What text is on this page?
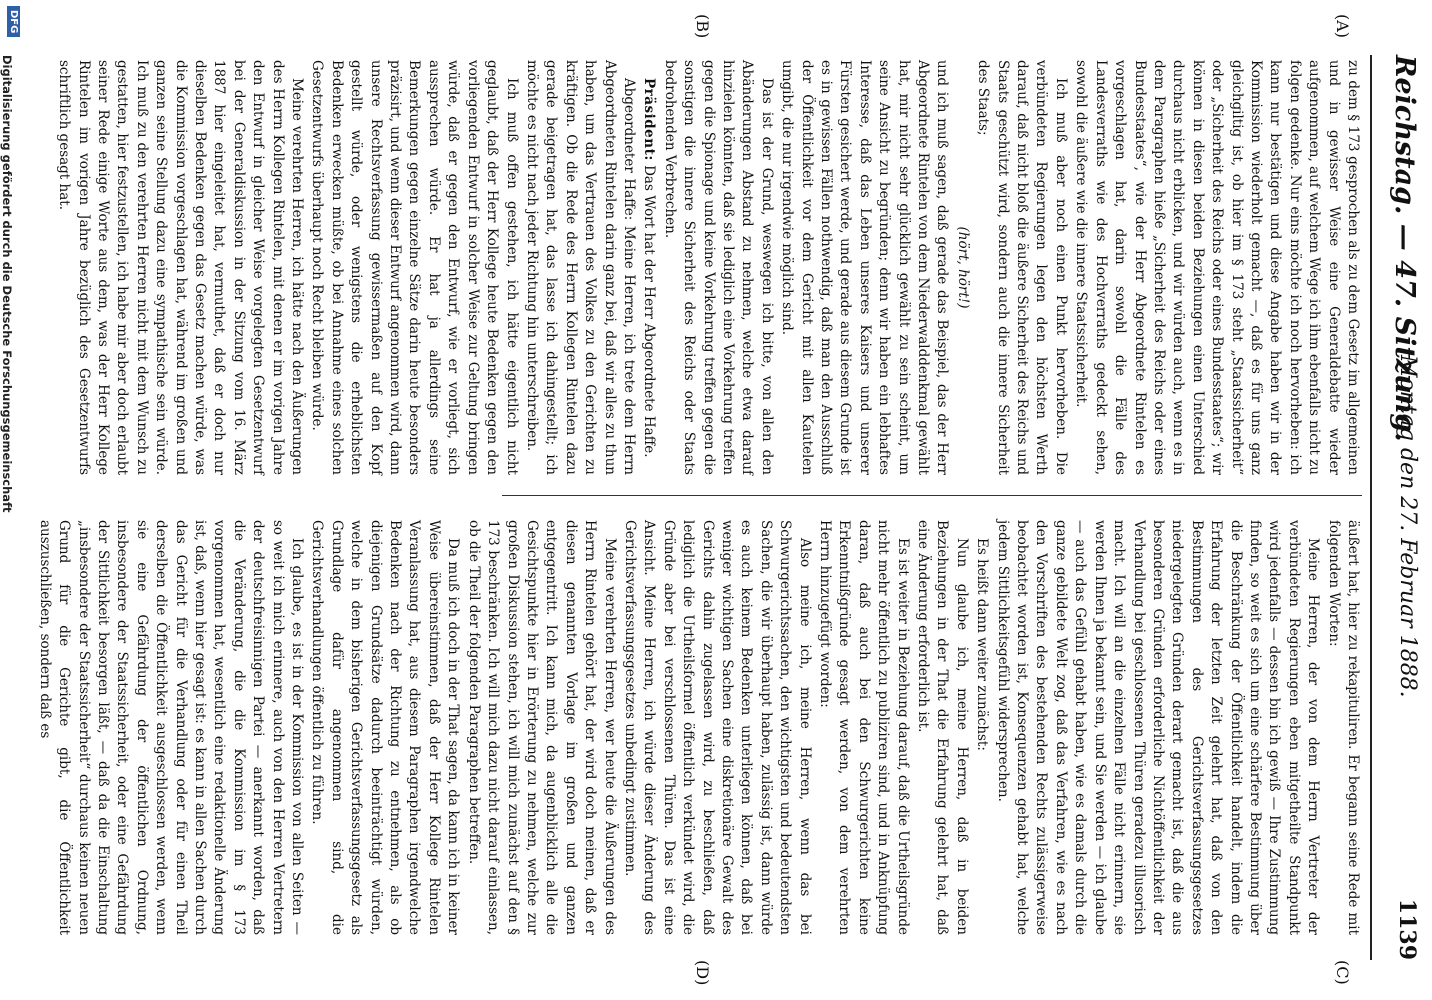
Reichstag. — 47. Sitzung.
Montag den 27. Februar 1888.
1139
(A)
(B)
(C)
(D)

zu dem § 173 gesprochen als zu dem Gesetz im allgemeinen und in gewisser Weise eine Generaldebatte wieder aufgenommen, auf welchem Wege ich ihm ebenfalls nicht zu folgen gedenke. Nur eins möchte ich noch hervorheben: ich kann nur bestätigen und diese Angabe haben wir in der Kommission wiederholt gemacht —, daß es für uns ganz gleichgiltig ist, ob hier im § 173 steht „Staatssicherheit“ oder „Sicherheit des Reichs oder eines Bundesstaates“; wir können in diesen beiden Beziehungen einen Unterschied durchaus nicht erblicken, und wir würden auch, wenn es in dem Paragraphen hieße „Sicherheit des Reichs oder eines Bundesstaates“, wie der Herr Abgeordnete Rintelen es vorgeschlagen hat, darin sowohl die Fälle des Landesverraths wie des Hochverraths gedeckt sehen, sowohl die äußere wie die innere Staatssicherheit.

Ich muß aber noch einen Punkt hervorheben. Die verbündeten Regierungen legen den höchsten Werth darauf, daß nicht bloß die äußere Sicherheit des Reichs und Staats geschützt wird, sondern auch die innere Sicherheit des Staats;

(hört, hört!)

und ich muß sagen, daß gerade das Beispiel, das der Herr Abgeordnete Rintelen von dem Niederwalddenkmal gewählt hat, mir nicht sehr glücklich gewählt zu sein scheint, um seine Ansicht zu begründen; denn wir haben ein lebhaftes Interesse, daß das Leben unseres Kaisers und unserer Fürsten gesichert werde, und gerade aus diesem Grunde ist es in gewissen Fällen nothwendig, daß man den Ausschluß der Öffentlichkeit vor dem Gericht mit allen Kautelen umgibt, die nur irgendwie möglich sind.

Das ist der Grund, weswegen ich bitte, von allen den Abänderungen Abstand zu nehmen, welche etwa darauf hinzielen könnten, daß sie lediglich eine Vorkehrung treffen gegen die Spionage und keine Vorkehrung treffen gegen die sonstigen die innere Sicherheit des Reichs oder Staats bedrohenden Verbrechen.

Präsident: Das Wort hat der Herr Abgeordnete Haffe.

Abgeordneter Haffe: Meine Herren, ich trete dem Herrn Abgeordneten Rintelen darin ganz bei, daß wir alles zu thun haben, um das Vertrauen des Volkes zu den Gerichten zu kräftigen. Ob die Rede des Herrn Kollegen Rintelen dazu gerade beigetragen hat, das lasse ich dahingestellt; ich möchte es nicht nach jeder Richtung hin unterschreiben.

Ich muß offen gestehen, ich hätte eigentlich nicht geglaubt, daß der Herr Kollege heute Bedenken gegen den vorliegenden Entwurf in solcher Weise zur Geltung bringen würde, daß er gegen den Entwurf, wie er vorliegt, sich aussprechen würde. Er hat ja allerdings seine Bemerkungen gegen einzelne Sätze darin heute besonders präzisirt, und wenn dieser Entwurf angenommen wird, dann unsere Rechtsverfassung gewissermaßen auf den Kopf gestellt würde, oder wenigstens die erheblichsten Bedenken erwecken müßte, ob bei Annahme eines solchen Gesetzentwurfs überhaupt noch Recht bleiben würde.

Meine verehrten Herren, ich hätte nach den Äußerungen des Herrn Kollegen Rintelen, mit denen er im vorigen Jahre den Entwurf in gleicher Weise vorgelegten Gesetzentwurf bei der Generaldiskussion in der Sitzung vom 16. März 1887 hier eingeleitet hat, vermuthet, daß er doch nur dieselben Bedenken gegen das Gesetz machen würde, was die Kommission vorgeschlagen hat, während im großen und ganzen seine Stellung dazu eine sympathische sein würde. Ich muß zu den verehrten Herren nicht mit dem Wunsch zu gestatten, hier festzustellen, ich habe mir aber doch erlaubt seiner Rede einige Worte aus dem, was der Herr Kollege Rintelen im vorigen Jahre bezüglich des Gesetzentwurfs schriftlich gesagt hat.

äußert hat, hier zu rekapituliren. Er begann seine Rede mit folgenden Worten:

Meine Herren, der von dem Herrn Vertreter der verbündeten Regierungen eben mitgetheilte Standpunkt wird jedenfalls — dessen bin ich gewiß — Ihre Zustimmung finden, so weit es sich um eine schärfere Bestimmung über die Beschränkung der Öffentlichkeit handelt, indem die Erfahrung der letzten Zeit gelehrt hat, daß von den Bestimmungen des Gerichtsverfassungsgesetzes niedergelegten Gründen derart gemacht ist, daß die aus besonderen Gründen erforderliche Nichtöffentlichkeit der Verhandlung bei geschlossenen Thüren geradezu illusorisch macht. Ich will an die einzelnen Fälle nicht erinnern, sie werden Ihnen ja bekannt sein, und Sie werden — ich glaube — auch das Gefühl gehabt haben, wie es damals durch die ganze gebildete Welt zog, daß das Verfahren, wie es nach den Vorschriften des bestehenden Rechts zulässigerweise beobachtet worden ist, Konsequenzen gehabt hat, welche jedem Sittlichkeitsgefühl widersprechen.

Es heißt dann weiter zunächst:

Nun glaube ich, meine Herren, daß in beiden Beziehungen in der That die Erfahrung gelehrt hat, daß eine Änderung erforderlich ist.

Es ist weiter in Beziehung darauf, daß die Urtheilsgründe nicht mehr öffentlich zu publiziren sind, und in Anknüpfung daran, daß auch bei den Schwurgerichten keine Erkenntnißgründe gesagt werden, von dem verehrten Herrn hinzugefügt worden:

Also meine ich, meine Herren, wenn das bei Schwurgerichtssachen, den wichtigsten und bedeutendsten Sachen, die wir überhaupt haben, zulässig ist, dann würde es auch keinem Bedenken unterliegen können, daß bei weniger wichtigen Sachen eine diskretionäre Gewalt des Gerichts dahin zugelassen wird, zu beschließen, daß lediglich die Urtheilsformel öffentlich verkündet wird, die Gründe aber bei verschlossenen Thüren. Das ist eine Ansicht. Meine Herren, ich würde dieser Änderung des Gerichtsverfassungsgesetzes unbedingt zustimmen.

Meine verehrten Herren, wer heute die Äußerungen des Herrn Rintelen gehört hat, der wird doch meinen, daß er diesen genannten Vorlage im großen und ganzen entgegentritt. Ich kann mich, da augenblicklich alle die Gesichtspunkte hier in Erörterung zu nehmen, welche zur großen Diskussion stehen, ich will mich zunächst auf den § 173 beschränken. Ich will mich dazu nicht darauf einlassen, ob die Theil der folgenden Paragraphen betreffen.

Da muß ich doch in der That sagen, da kann ich in keiner Weise übereinstimmen, daß der Herr Kollege Rintelen Veranlassung hat, aus diesem Paragraphen irgendwelche Bedenken nach der Richtung zu entnehmen, als ob diejenigen Grundsätze dadurch beeinträchtigt würden, welche in dem bisherigen Gerichtsverfassungsgesetz als Grundlage dafür angenommen sind, die Gerichtsverhandlungen öffentlich zu führen.

Ich glaube, es ist in der Kommission von allen Seiten — so weit ich mich erinnere, auch von den Herren Vertretern der deutschfreisinnigen Partei — anerkannt worden, daß die Veränderung, die die Kommission im § 173 vorgenommen hat, wesentlich eine redaktionelle Änderung ist, daß, wenn hier gesagt ist: es kann in allen Sachen durch das Gericht für die Verhandlung oder für einen Theil derselben die Öffentlichkeit ausgeschlossen werden, wenn sie eine Gefährdung der öffentlichen Ordnung, insbesondere der Staatssicherheit, oder eine Gefährdung der Sittlichkeit besorgen läßt, — daß da die Einschaltung „insbesondere der Staatssicherheit“ durchaus keinen neuen Grund für die Gerichte gibt, die Öffentlichkeit auszuschließen, sondern daß es

DFG
Digitalisierung gefördert durch die Deutsche Forschungsgemeinschaft
